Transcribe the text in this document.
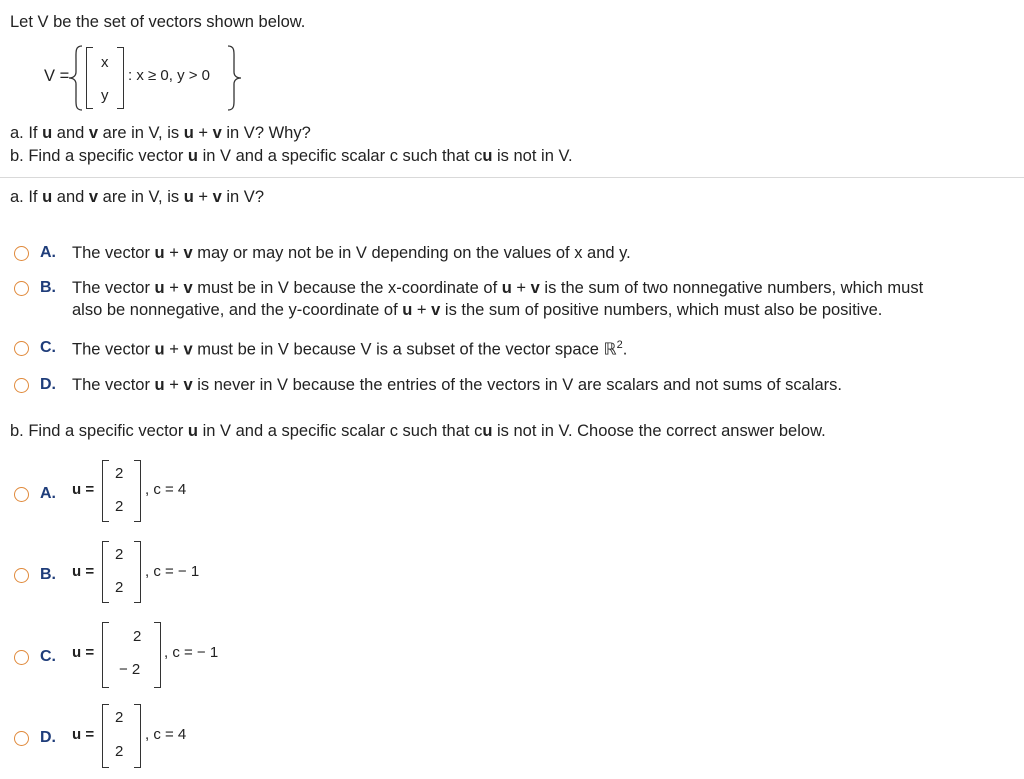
Let V be the set of vectors shown below.
V =
x
y
: x ≥ 0, y > 0
a. If u and v are in V, is u + v in V? Why?
b. Find a specific vector u in V and a specific scalar c such that cu is not in V.
a. If u and v are in V, is u + v in V?
A. The vector u + v may or may not be in V depending on the values of x and y.
B. The vector u + v must be in V because the x-coordinate of u + v is the sum of two nonnegative numbers, which must
also be nonnegative, and the y-coordinate of u + v is the sum of positive numbers, which must also be positive.
C. The vector u + v must be in V because V is a subset of the vector space ℝ$^2$.
D. The vector u + v is never in V because the entries of the vectors in V are scalars and not sums of scalars.
b. Find a specific vector u in V and a specific scalar c such that cu is not in V. Choose the correct answer below.
A. u =
2
2
, c = 4
B. u =
2
2
, c = − 1
C. u =
2
− 2
, c = − 1
D. u =
2
2
, c = 4
